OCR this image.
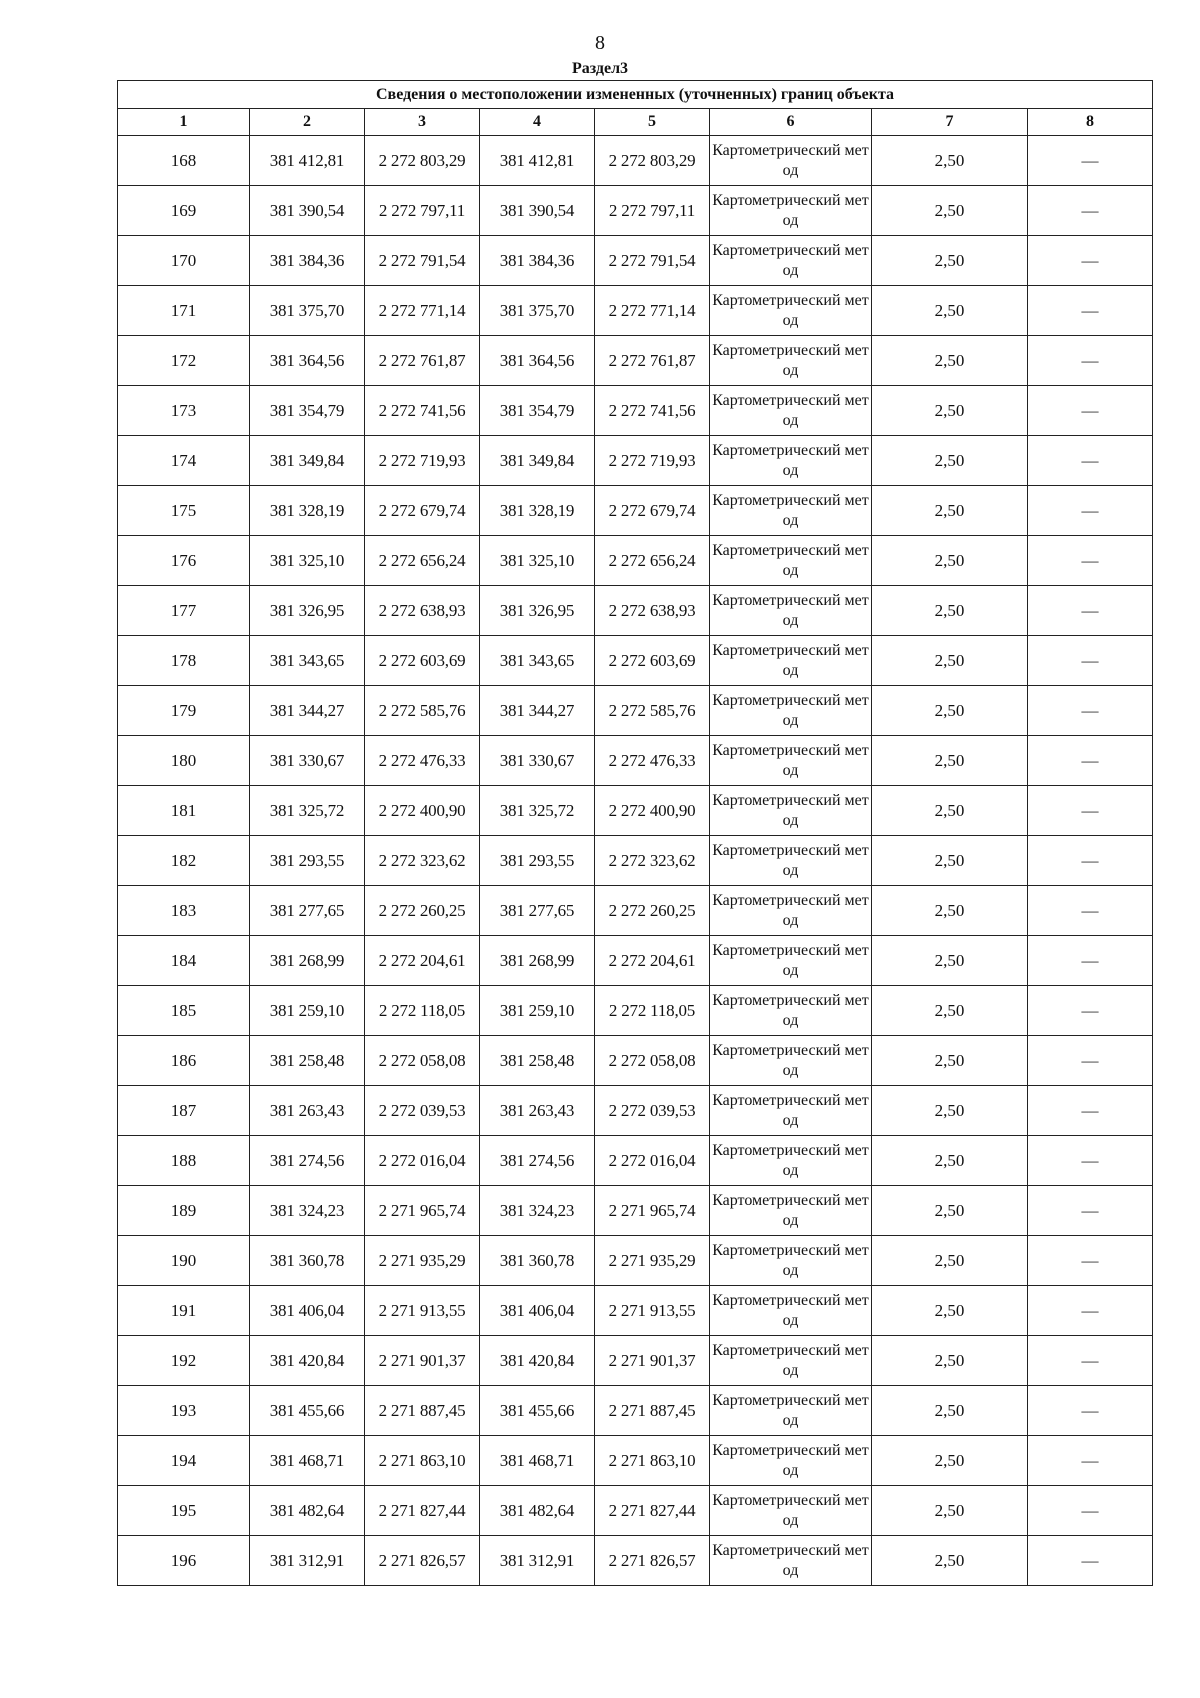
8
Раздел3
Сведения о местоположении измененных (уточненных) границ объекта							
1	2	3	4	5	6	7	8
168	381 412,81	2 272 803,29	381 412,81	2 272 803,29	Картометрический метод	2,50	—
169	381 390,54	2 272 797,11	381 390,54	2 272 797,11	Картометрический метод	2,50	—
170	381 384,36	2 272 791,54	381 384,36	2 272 791,54	Картометрический метод	2,50	—
171	381 375,70	2 272 771,14	381 375,70	2 272 771,14	Картометрический метод	2,50	—
172	381 364,56	2 272 761,87	381 364,56	2 272 761,87	Картометрический метод	2,50	—
173	381 354,79	2 272 741,56	381 354,79	2 272 741,56	Картометрический метод	2,50	—
174	381 349,84	2 272 719,93	381 349,84	2 272 719,93	Картометрический метод	2,50	—
175	381 328,19	2 272 679,74	381 328,19	2 272 679,74	Картометрический метод	2,50	—
176	381 325,10	2 272 656,24	381 325,10	2 272 656,24	Картометрический метод	2,50	—
177	381 326,95	2 272 638,93	381 326,95	2 272 638,93	Картометрический метод	2,50	—
178	381 343,65	2 272 603,69	381 343,65	2 272 603,69	Картометрический метод	2,50	—
179	381 344,27	2 272 585,76	381 344,27	2 272 585,76	Картометрический метод	2,50	—
180	381 330,67	2 272 476,33	381 330,67	2 272 476,33	Картометрический метод	2,50	—
181	381 325,72	2 272 400,90	381 325,72	2 272 400,90	Картометрический метод	2,50	—
182	381 293,55	2 272 323,62	381 293,55	2 272 323,62	Картометрический метод	2,50	—
183	381 277,65	2 272 260,25	381 277,65	2 272 260,25	Картометрический метод	2,50	—
184	381 268,99	2 272 204,61	381 268,99	2 272 204,61	Картометрический метод	2,50	—
185	381 259,10	2 272 118,05	381 259,10	2 272 118,05	Картометрический метод	2,50	—
186	381 258,48	2 272 058,08	381 258,48	2 272 058,08	Картометрический метод	2,50	—
187	381 263,43	2 272 039,53	381 263,43	2 272 039,53	Картометрический метод	2,50	—
188	381 274,56	2 272 016,04	381 274,56	2 272 016,04	Картометрический метод	2,50	—
189	381 324,23	2 271 965,74	381 324,23	2 271 965,74	Картометрический метод	2,50	—
190	381 360,78	2 271 935,29	381 360,78	2 271 935,29	Картометрический метод	2,50	—
191	381 406,04	2 271 913,55	381 406,04	2 271 913,55	Картометрический метод	2,50	—
192	381 420,84	2 271 901,37	381 420,84	2 271 901,37	Картометрический метод	2,50	—
193	381 455,66	2 271 887,45	381 455,66	2 271 887,45	Картометрический метод	2,50	—
194	381 468,71	2 271 863,10	381 468,71	2 271 863,10	Картометрический метод	2,50	—
195	381 482,64	2 271 827,44	381 482,64	2 271 827,44	Картометрический метод	2,50	—
196	381 312,91	2 271 826,57	381 312,91	2 271 826,57	Картометрический метод	2,50	—
